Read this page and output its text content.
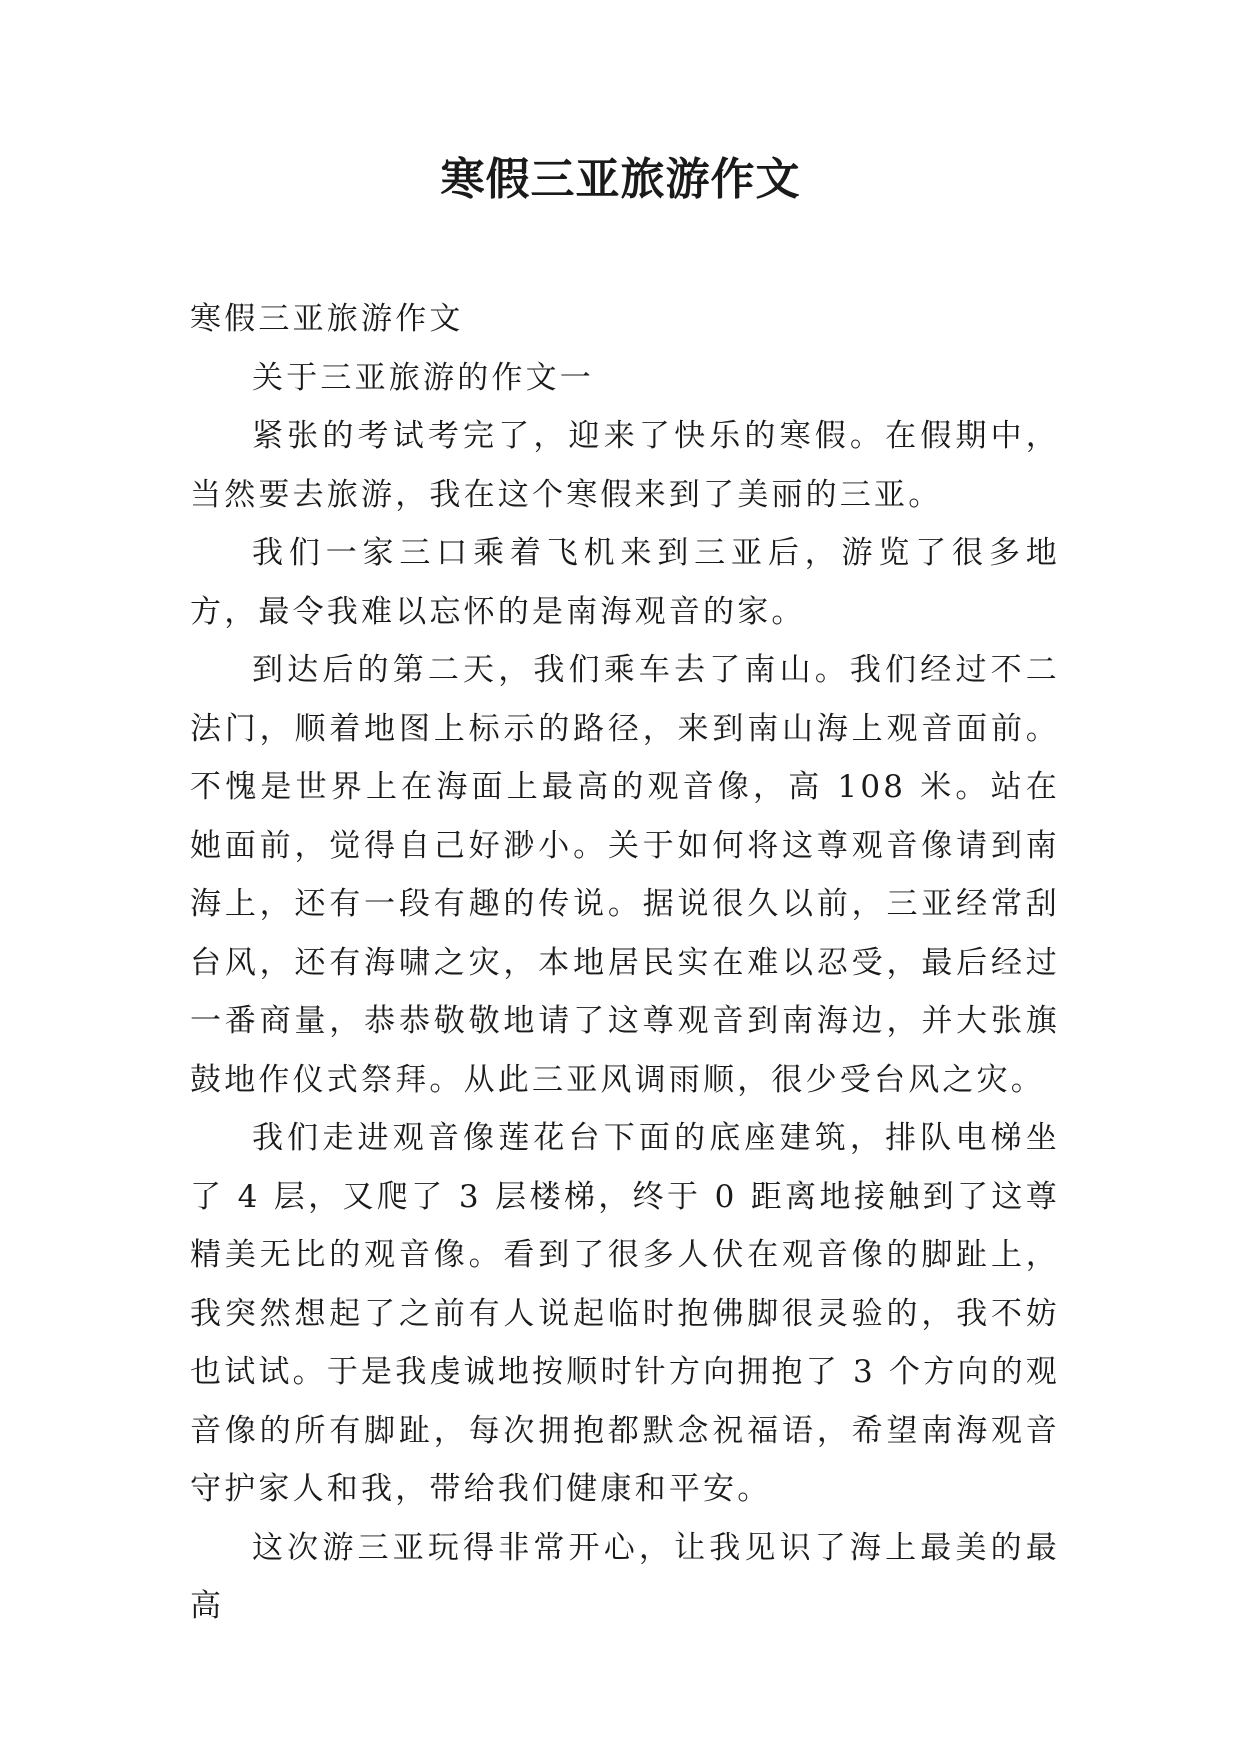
寒假三亚旅游作文

寒假三亚旅游作文

关于三亚旅游的作文一

紧张的考试考完了，迎来了快乐的寒假。在假期中，当然要去旅游，我在这个寒假来到了美丽的三亚。

我们一家三口乘着飞机来到三亚后，游览了很多地方，最令我难以忘怀的是南海观音的家。

到达后的第二天，我们乘车去了南山。我们经过不二法门，顺着地图上标示的路径，来到南山海上观音面前。不愧是世界上在海面上最高的观音像，高 108 米。站在她面前，觉得自己好渺小。关于如何将这尊观音像请到南海上，还有一段有趣的传说。据说很久以前，三亚经常刮台风，还有海啸之灾，本地居民实在难以忍受，最后经过一番商量，恭恭敬敬地请了这尊观音到南海边，并大张旗鼓地作仪式祭拜。从此三亚风调雨顺，很少受台风之灾。

我们走进观音像莲花台下面的底座建筑，排队电梯坐了 4 层，又爬了 3 层楼梯，终于 0 距离地接触到了这尊精美无比的观音像。看到了很多人伏在观音像的脚趾上，我突然想起了之前有人说起临时抱佛脚很灵验的，我不妨也试试。于是我虔诚地按顺时针方向拥抱了 3 个方向的观音像的所有脚趾，每次拥抱都默念祝福语，希望南海观音守护家人和我，带给我们健康和平安。

这次游三亚玩得非常开心，让我见识了海上最美的最高
